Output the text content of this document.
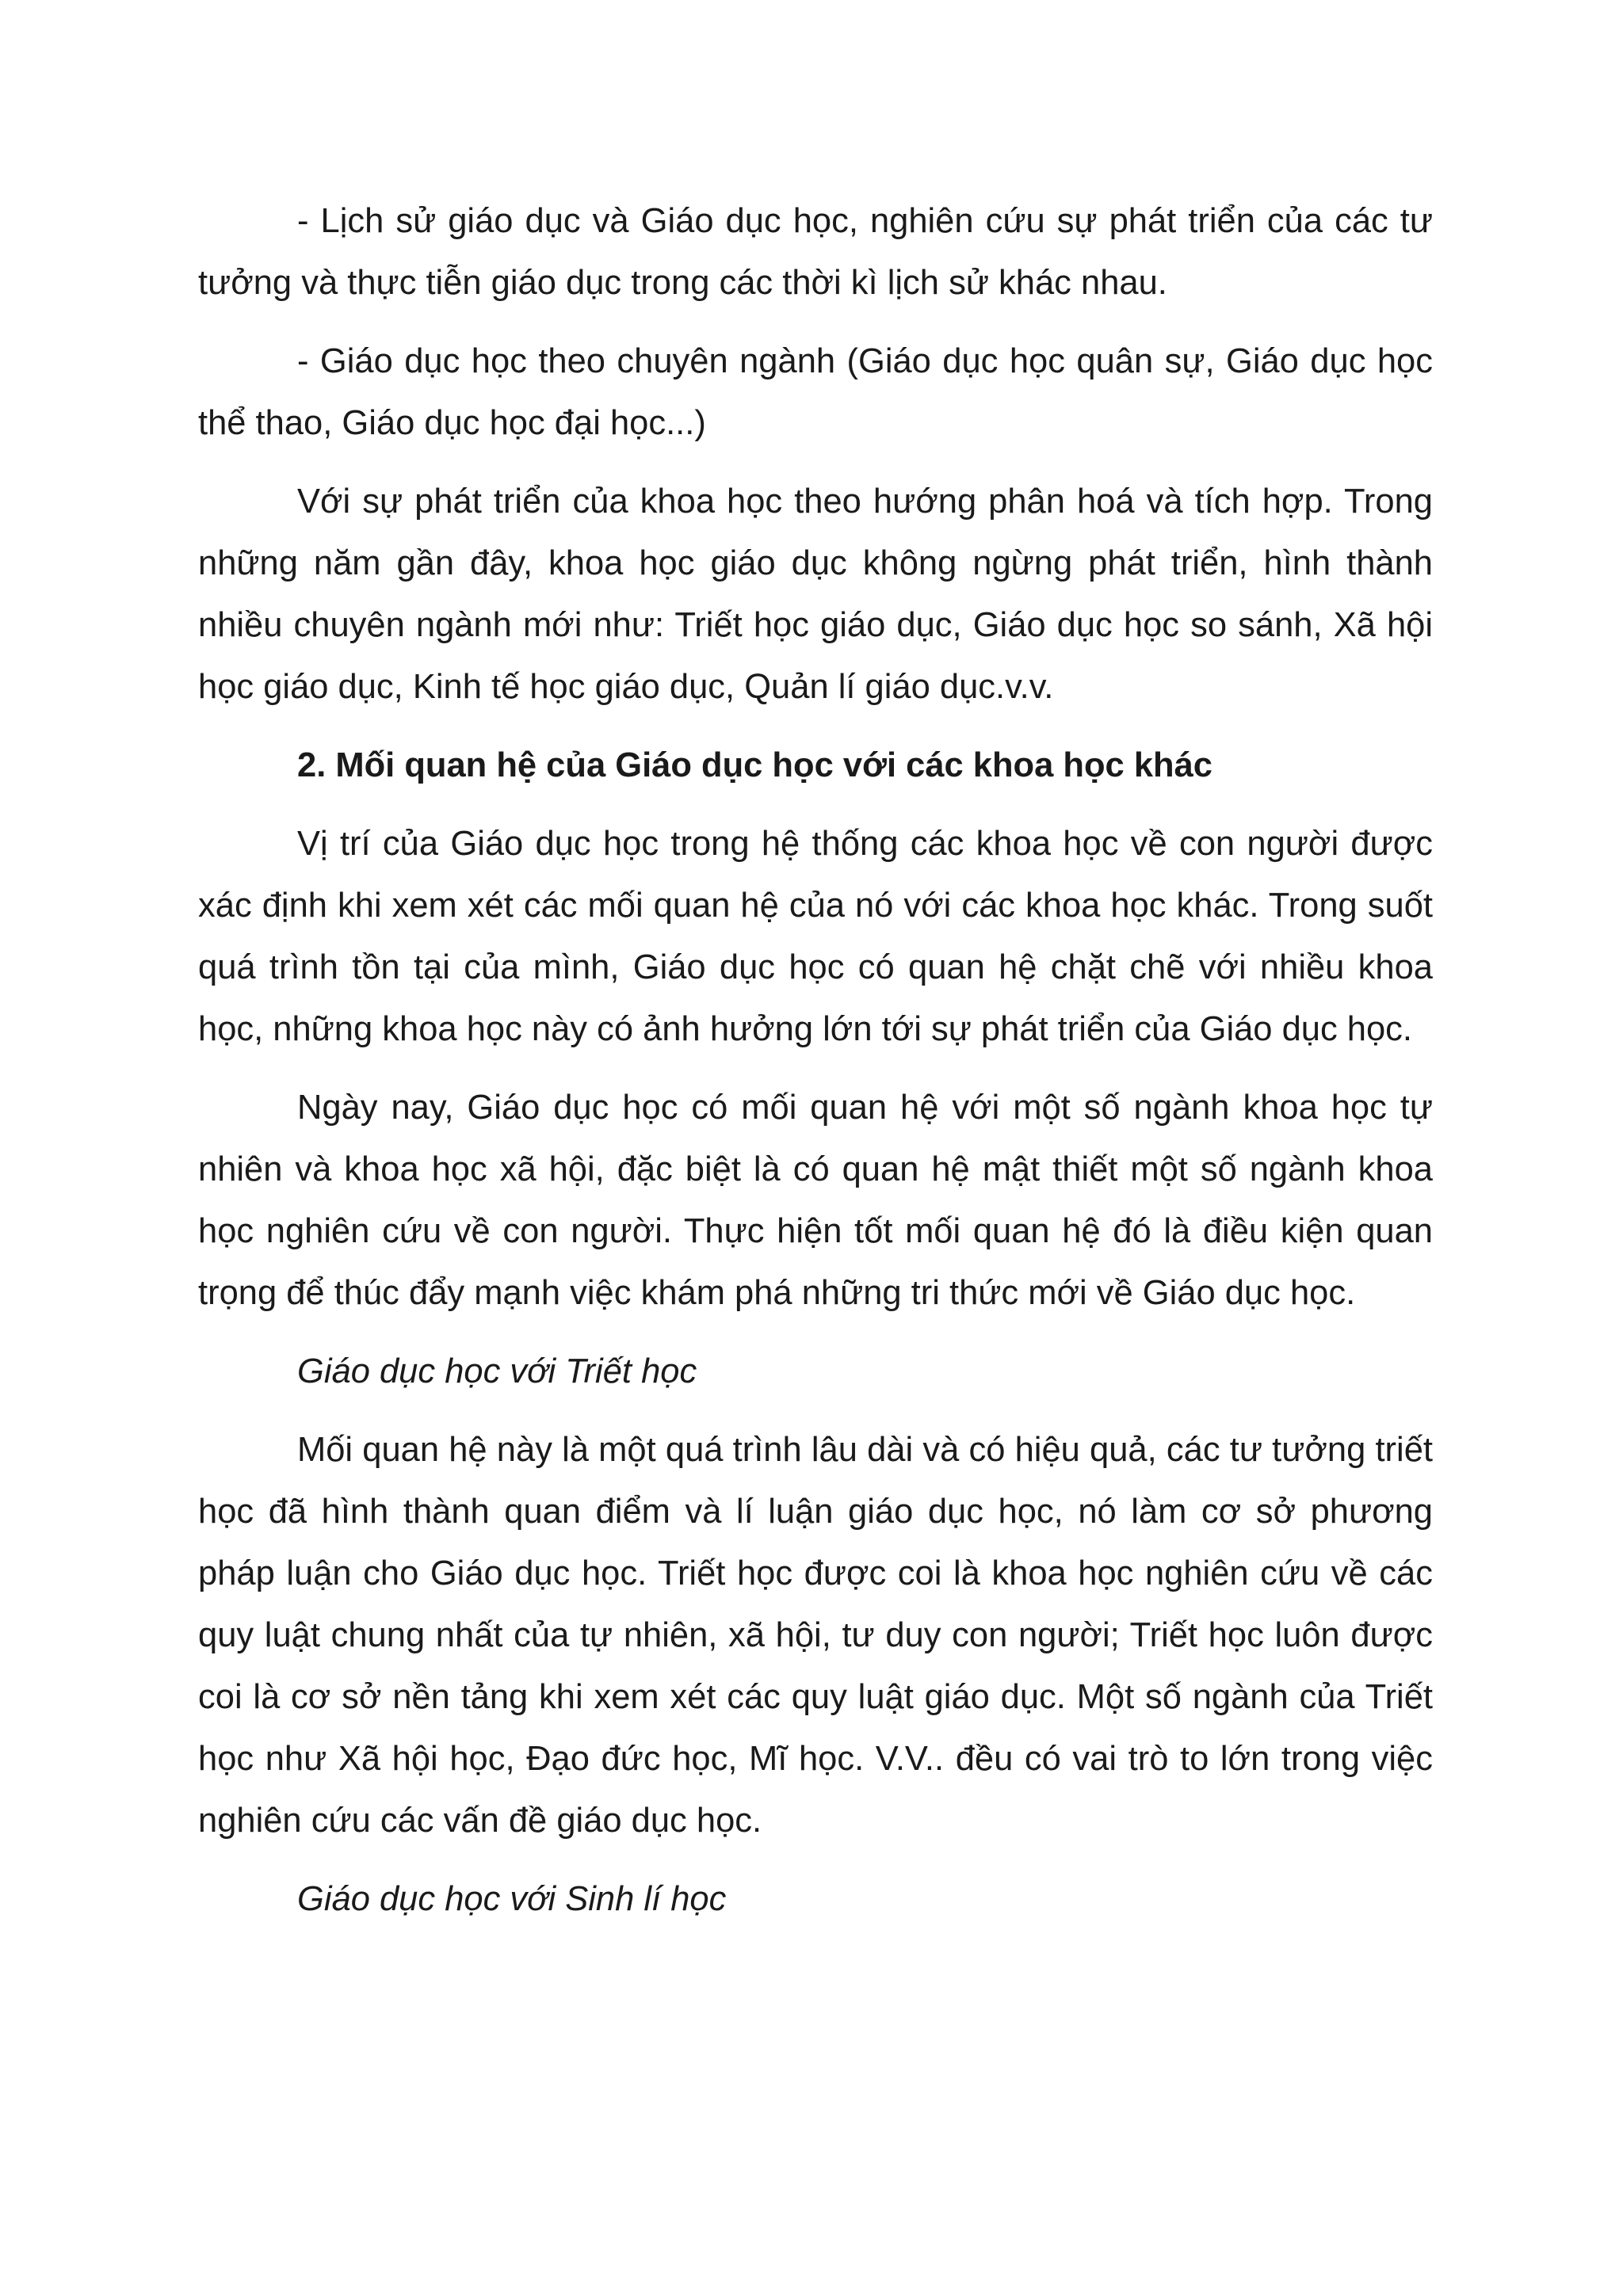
- Lịch sử giáo dục và Giáo dục học, nghiên cứu sự phát triển của các tư tưởng và thực tiễn giáo dục trong các thời kì lịch sử khác nhau.

- Giáo dục học theo chuyên ngành (Giáo dục học quân sự, Giáo dục học thể thao, Giáo dục học đại học...)

Với sự phát triển của khoa học theo hướng phân hoá và tích hợp. Trong những năm gần đây, khoa học giáo dục không ngừng phát triển, hình thành nhiều chuyên ngành mới như: Triết học giáo dục, Giáo dục học so sánh, Xã hội học giáo dục, Kinh tế học giáo dục, Quản lí giáo dục.v.v.

2. Mối quan hệ của Giáo dục học với các khoa học khác

Vị trí của Giáo dục học trong hệ thống các khoa học về con người được xác định khi xem xét các mối quan hệ của nó với các khoa học khác. Trong suốt quá trình tồn tại của mình, Giáo dục học có quan hệ chặt chẽ với nhiều khoa học, những khoa học này có ảnh hưởng lớn tới sự phát triển của Giáo dục học.

Ngày nay, Giáo dục học có mối quan hệ với một số ngành khoa học tự nhiên và khoa học xã hội, đặc biệt là có quan hệ mật thiết một số ngành khoa học nghiên cứu về con người. Thực hiện tốt mối quan hệ đó là điều kiện quan trọng để thúc đẩy mạnh việc khám phá những tri thức mới về Giáo dục học.

Giáo dục học với Triết học

Mối quan hệ này là một quá trình lâu dài và có hiệu quả, các tư tưởng triết học đã hình thành quan điểm và lí luận giáo dục học, nó làm cơ sở phương pháp luận cho Giáo dục học. Triết học được coi là khoa học nghiên cứu về các quy luật chung nhất của tự nhiên, xã hội, tư duy con người; Triết học luôn được coi là cơ sở nền tảng khi xem xét các quy luật giáo dục. Một số ngành của Triết học như Xã hội học, Đạo đức học, Mĩ học. V.V.. đều có vai trò to lớn trong việc nghiên cứu các vấn đề giáo dục học.

Giáo dục học với Sinh lí học
